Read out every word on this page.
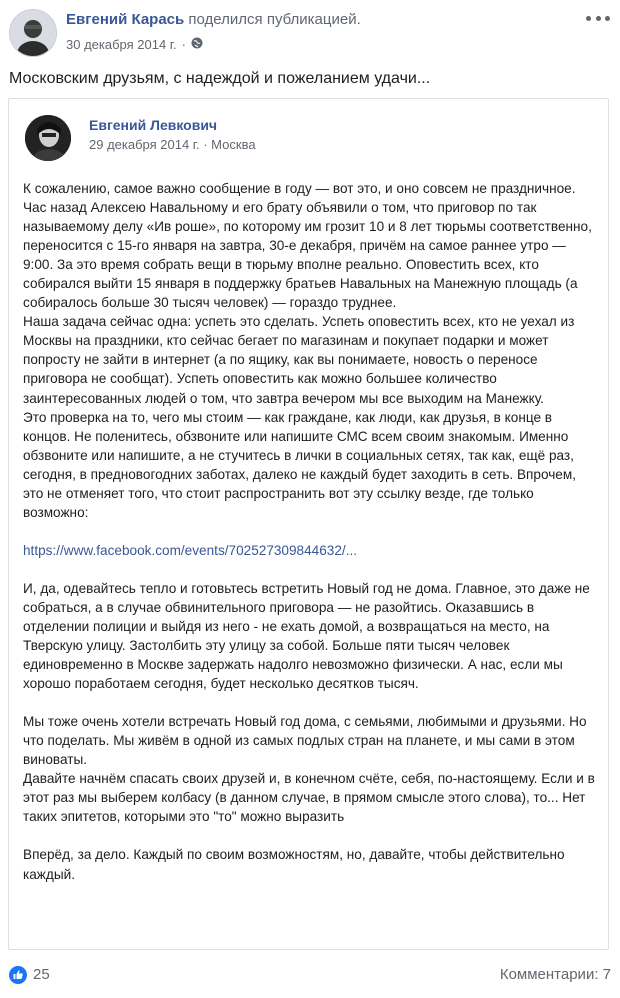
Евгений Карась поделился публикацией.
30 декабря 2014 г. ·
Московским друзьям, с надеждой и пожеланием удачи...
Евгений Левкович
29 декабря 2014 г. · Москва

К сожалению, самое важно сообщение в году — вот это, и оно совсем не праздничное. Час назад Алексею Навальному и его брату объявили о том, что приговор по так называемому делу «Ив роше», по которому им грозит 10 и 8 лет тюрьмы соответственно, переносится с 15-го января на завтра, 30-е декабря, причём на самое раннее утро — 9:00. За это время собрать вещи в тюрьму вполне реально. Оповестить всех, кто собирался выйти 15 января в поддержку братьев Навальных на Манежную площадь (а собиралось больше 30 тысяч человек) — гораздо труднее.

Наша задача сейчас одна: успеть это сделать. Успеть оповестить всех, кто не уехал из Москвы на праздники, кто сейчас бегает по магазинам и покупает подарки и может попросту не зайти в интернет (а по ящику, как вы понимаете, новость о переносе приговора не сообщат). Успеть оповестить как можно большее количество заинтересованных людей о том, что завтра вечером мы все выходим на Манежку.

Это проверка на то, чего мы стоим — как граждане, как люди, как друзья, в конце в концов. Не поленитесь, обзвоните или напишите СМС всем своим знакомым. Именно обзвоните или напишите, а не стучитесь в лички в социальных сетях, так как, ещё раз, сегодня, в предновогодних заботах, далеко не каждый будет заходить в сеть. Впрочем, это не отменяет того, что стоит распространить вот эту ссылку везде, где только возможно:

https://www.facebook.com/events/702527309844632/...

И, да, одевайтесь тепло и готовьтесь встретить Новый год не дома. Главное, это даже не собраться, а в случае обвинительного приговора — не разойтись. Оказавшись в отделении полиции и выйдя из него - не ехать домой, а возвращаться на место, на Тверскую улицу. Застолбить эту улицу за собой. Больше пяти тысяч человек единовременно в Москве задержать надолго невозможно физически. А нас, если мы хорошо поработаем сегодня, будет несколько десятков тысяч.

Мы тоже очень хотели встречать Новый год дома, с семьями, любимыми и друзьями. Но что поделать. Мы живём в одной из самых подлых стран на планете, и мы сами в этом виноваты.

Давайте начнём спасать своих друзей и, в конечном счёте, себя, по-настоящему. Если и в этот раз мы выберем колбасу (в данном случае, в прямом смысле этого слова), то... Нет таких эпитетов, которыми это "то" можно выразить

Вперёд, за дело. Каждый по своим возможностям, но, давайте, чтобы действительно каждый.

25	Комментарии: 7
